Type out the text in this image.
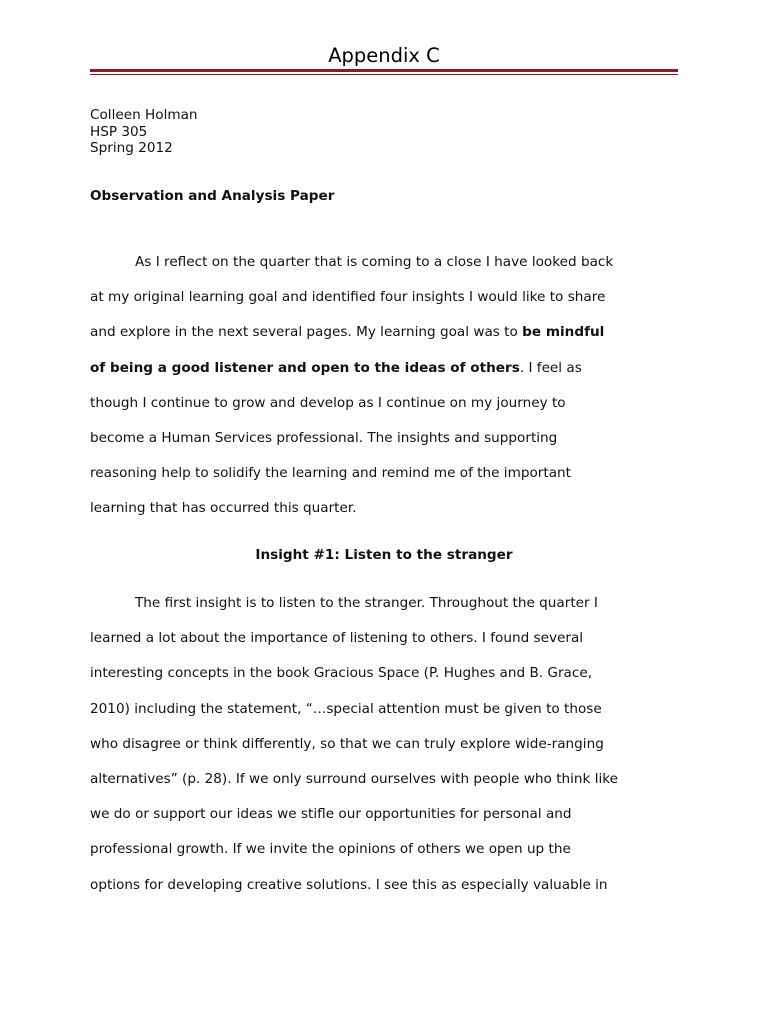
Appendix C
Colleen Holman
HSP 305
Spring 2012
Observation and Analysis Paper
As I reflect on the quarter that is coming to a close I have looked back
at my original learning goal and identified four insights I would like to share
and explore in the next several pages. My learning goal was to be mindful
of being a good listener and open to the ideas of others. I feel as
though I continue to grow and develop as I continue on my journey to
become a Human Services professional. The insights and supporting
reasoning help to solidify the learning and remind me of the important
learning that has occurred this quarter.
Insight #1: Listen to the stranger
The first insight is to listen to the stranger. Throughout the quarter I
learned a lot about the importance of listening to others. I found several
interesting concepts in the book Gracious Space (P. Hughes and B. Grace,
2010) including the statement, “…special attention must be given to those
who disagree or think differently, so that we can truly explore wide-ranging
alternatives” (p. 28). If we only surround ourselves with people who think like
we do or support our ideas we stifle our opportunities for personal and
professional growth. If we invite the opinions of others we open up the
options for developing creative solutions. I see this as especially valuable in
